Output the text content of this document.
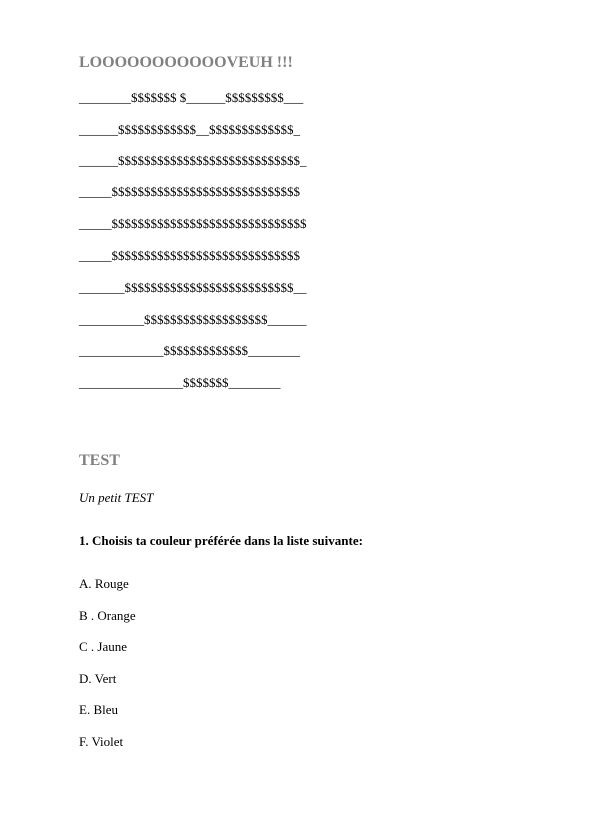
LOOOOOOOOOOOVEUH !!!

________$$$$$$$ $______$$$$$$$$$___

______$$$$$$$$$$$$__$$$$$$$$$$$$$_

______$$$$$$$$$$$$$$$$$$$$$$$$$$$$_

_____$$$$$$$$$$$$$$$$$$$$$$$$$$$$$

_____$$$$$$$$$$$$$$$$$$$$$$$$$$$$$$

_____$$$$$$$$$$$$$$$$$$$$$$$$$$$$$

_______$$$$$$$$$$$$$$$$$$$$$$$$$$__

__________$$$$$$$$$$$$$$$$$$$______

_____________$$$$$$$$$$$$$________

________________$$$$$$$________

TEST

Un petit TEST

1. Choisis ta couleur préférée dans la liste suivante:

A. Rouge

B . Orange

C . Jaune

D. Vert

E. Bleu

F. Violet
